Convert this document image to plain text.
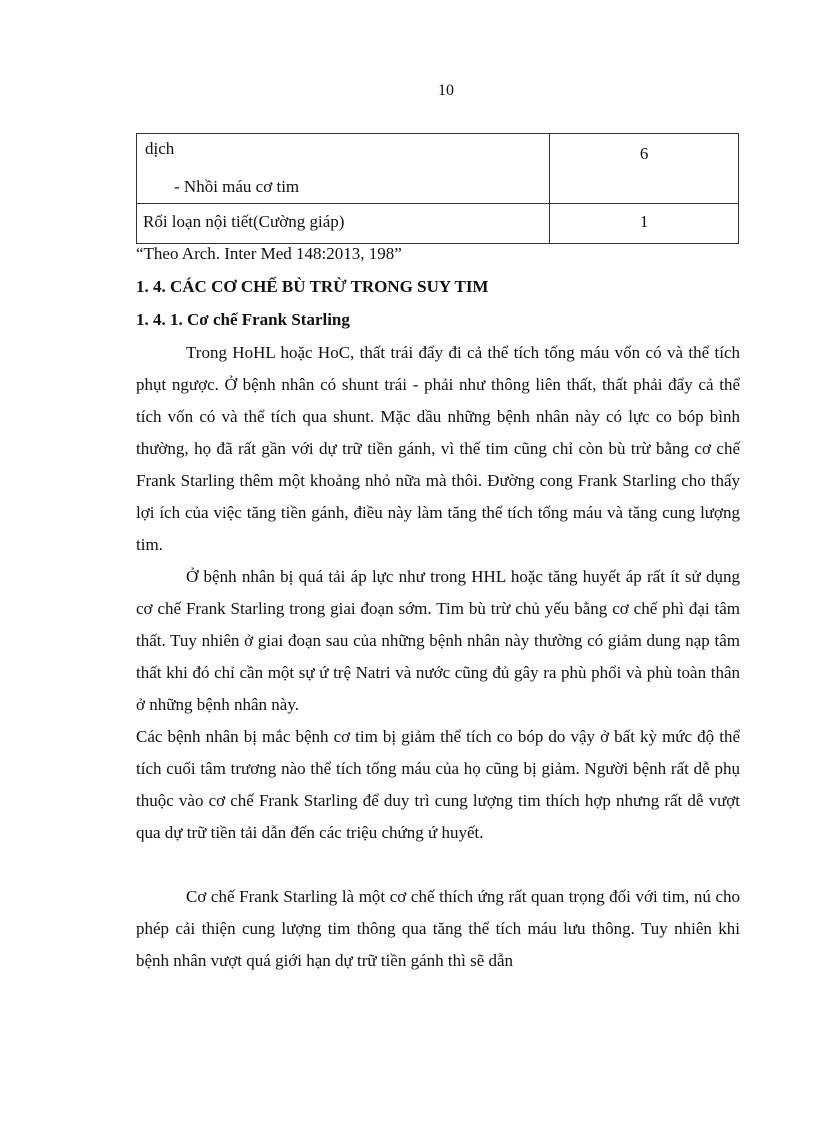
10
dịch
- Nhồi máu cơ tim	6

Rối loạn nội tiết(Cường giáp)	1

“Theo Arch. Inter Med 148:2013, 198”

1. 4. CÁC CƠ CHẾ BÙ TRỪ TRONG SUY TIM

1. 4. 1. Cơ chế Frank Starling

Trong HoHL hoặc HoC, thất trái đẩy đi cả thể tích tống máu vốn có và thể tích phụt ngược. Ở bệnh nhân có shunt trái - phải như thông liên thất, thất phải đẩy cả thể tích vốn có và thể tích qua shunt. Mặc dầu những bệnh nhân này có lực co bóp bình thường, họ đã rất gần với dự trữ tiền gánh, vì thế tim cũng chỉ còn bù trừ bằng cơ chế Frank Starling thêm một khoảng nhỏ nữa mà thôi. Đường cong Frank Starling cho thấy lợi ích của việc tăng tiền gánh, điều này làm tăng thể tích tống máu và tăng cung lượng tim.

Ở bệnh nhân bị quá tải áp lực như trong HHL hoặc tăng huyết áp rất ít sử dụng cơ chế Frank Starling trong giai đoạn sớm. Tim bù trừ chủ yếu bằng cơ chế phì đại tâm thất. Tuy nhiên ở giai đoạn sau của những bệnh nhân này thường có giảm dung nạp tâm thất khi đó chỉ cần một sự ứ trệ Natri và nước cũng đủ gây ra phù phổi và phù toàn thân ở những bệnh nhân này.

Các bệnh nhân bị mắc bệnh cơ tim bị giảm thể tích co bóp do vậy ở bất kỳ mức độ thể tích cuối tâm trương nào thể tích tống máu của họ cũng bị giảm. Người bệnh rất dễ phụ thuộc vào cơ chế Frank Starling để duy trì cung lượng tim thích hợp nhưng rất dễ vượt qua dự trữ tiền tải dẫn đến các triệu chứng ứ huyết.

Cơ chế Frank Starling là một cơ chế thích ứng rất quan trọng đối với tim, nú cho phép cải thiện cung lượng tim thông qua tăng thể tích máu lưu thông. Tuy nhiên khi bệnh nhân vượt quá giới hạn dự trữ tiền gánh thì sẽ dẫn
